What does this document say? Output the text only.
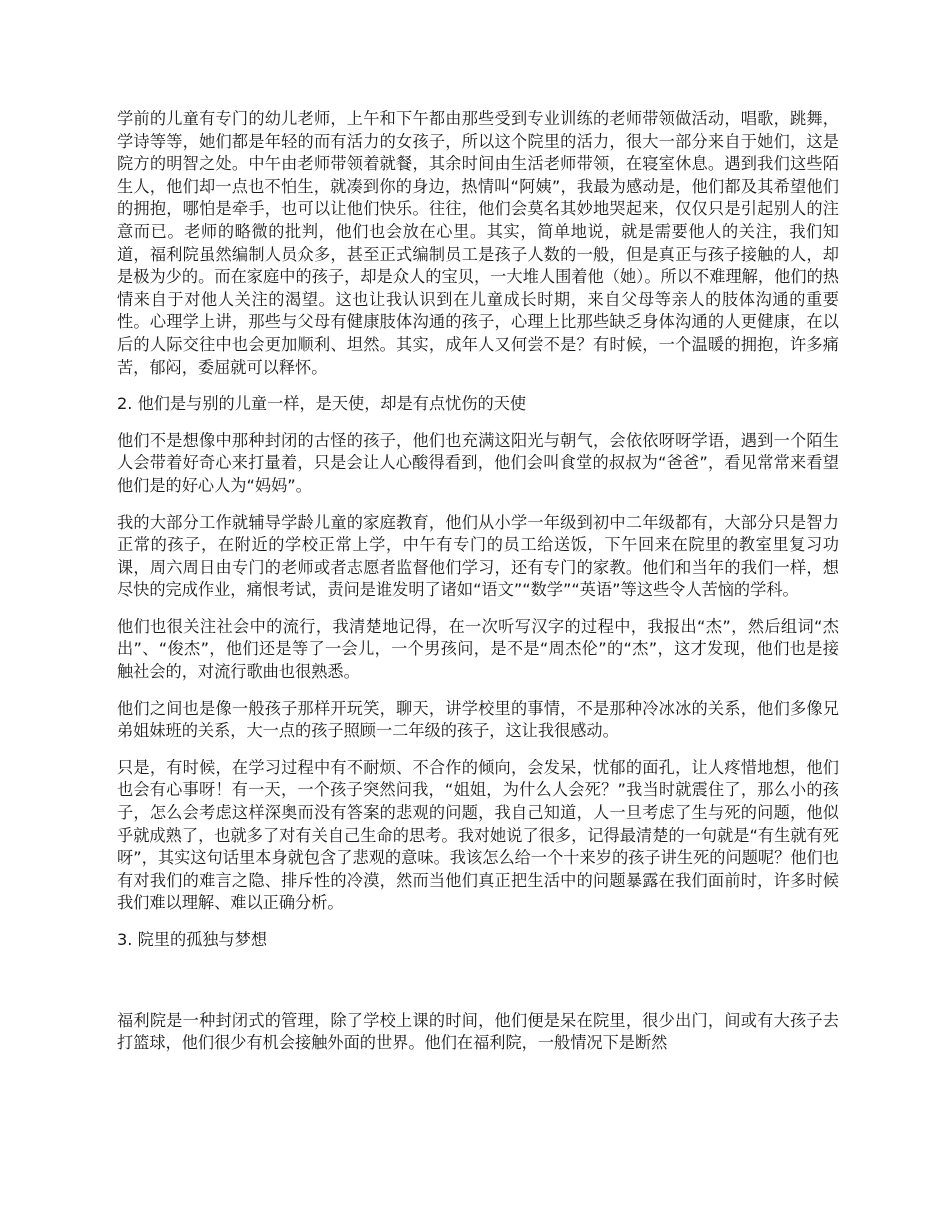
学前的儿童有专门的幼儿老师，上午和下午都由那些受到专业训练的老师带领做活动，唱歌，跳舞，学诗等等，她们都是年轻的而有活力的女孩子，所以这个院里的活力，很大一部分来自于她们，这是院方的明智之处。中午由老师带领着就餐，其余时间由生活老师带领，在寝室休息。遇到我们这些陌生人，他们却一点也不怕生，就凑到你的身边，热情叫“阿姨”，我最为感动是，他们都及其希望他们的拥抱，哪怕是牵手，也可以让他们快乐。往往，他们会莫名其妙地哭起来，仅仅只是引起别人的注意而已。老师的略微的批判，他们也会放在心里。其实，简单地说，就是需要他人的关注，我们知道，福利院虽然编制人员众多，甚至正式编制员工是孩子人数的一般，但是真正与孩子接触的人，却是极为少的。而在家庭中的孩子，却是众人的宝贝，一大堆人围着他（她）。所以不难理解，他们的热情来自于对他人关注的渴望。这也让我认识到在儿童成长时期，来自父母等亲人的肢体沟通的重要性。心理学上讲，那些与父母有健康肢体沟通的孩子，心理上比那些缺乏身体沟通的人更健康，在以后的人际交往中也会更加顺利、坦然。其实，成年人又何尝不是？有时候，一个温暖的拥抱，许多痛苦，郁闷，委屈就可以释怀。

2. 他们是与别的儿童一样，是天使，却是有点忧伤的天使

他们不是想像中那种封闭的古怪的孩子，他们也充满这阳光与朝气，会依依呀呀学语，遇到一个陌生人会带着好奇心来打量着，只是会让人心酸得看到，他们会叫食堂的叔叔为“爸爸”，看见常常来看望他们是的好心人为“妈妈”。

我的大部分工作就辅导学龄儿童的家庭教育，他们从小学一年级到初中二年级都有，大部分只是智力正常的孩子，在附近的学校正常上学，中午有专门的员工给送饭，下午回来在院里的教室里复习功课，周六周日由专门的老师或者志愿者监督他们学习，还有专门的家教。他们和当年的我们一样，想尽快的完成作业，痛恨考试，责问是谁发明了诸如“语文”“数学”“英语”等这些令人苦恼的学科。

他们也很关注社会中的流行，我清楚地记得，在一次听写汉字的过程中，我报出“杰”，然后组词“杰出”、“俊杰”，他们还是等了一会儿，一个男孩问，是不是“周杰伦”的“杰”，这才发现，他们也是接触社会的，对流行歌曲也很熟悉。

他们之间也是像一般孩子那样开玩笑，聊天，讲学校里的事情，不是那种冷冰冰的关系，他们多像兄弟姐妹班的关系，大一点的孩子照顾一二年级的孩子，这让我很感动。

只是，有时候，在学习过程中有不耐烦、不合作的倾向，会发呆，忧郁的面孔，让人疼惜地想，他们也会有心事呀！有一天，一个孩子突然问我，“姐姐，为什么人会死？”我当时就震住了，那么小的孩子，怎么会考虑这样深奥而没有答案的悲观的问题，我自己知道，人一旦考虑了生与死的问题，他似乎就成熟了，也就多了对有关自己生命的思考。我对她说了很多，记得最清楚的一句就是“有生就有死呀”，其实这句话里本身就包含了悲观的意味。我该怎么给一个十来岁的孩子讲生死的问题呢？他们也有对我们的难言之隐、排斥性的冷漠，然而当他们真正把生活中的问题暴露在我们面前时，许多时候我们难以理解、难以正确分析。

3. 院里的孤独与梦想

福利院是一种封闭式的管理，除了学校上课的时间，他们便是呆在院里，很少出门，间或有大孩子去打篮球，他们很少有机会接触外面的世界。他们在福利院，一般情况下是断然
